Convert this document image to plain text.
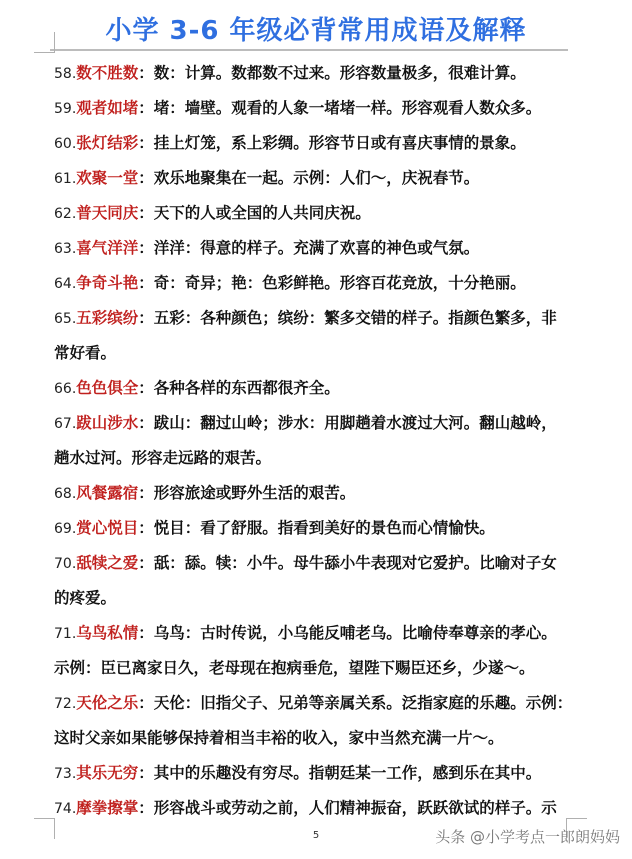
小学 3-6 年级必背常用成语及解释
58.数不胜数：数：计算。数都数不过来。形容数量极多，很难计算。
59.观者如堵：堵：墙壁。观看的人象一堵堵一样。形容观看人数众多。
60.张灯结彩：挂上灯笼，系上彩绸。形容节日或有喜庆事情的景象。
61.欢聚一堂：欢乐地聚集在一起。示例：人们～，庆祝春节。
62.普天同庆：天下的人或全国的人共同庆祝。
63.喜气洋洋：洋洋：得意的样子。充满了欢喜的神色或气氛。
64.争奇斗艳：奇：奇异；艳：色彩鲜艳。形容百花竞放，十分艳丽。
65.五彩缤纷：五彩：各种颜色；缤纷：繁多交错的样子。指颜色繁多，非
常好看。
66.色色俱全：各种各样的东西都很齐全。
67.跋山涉水：跋山：翻过山岭；涉水：用脚趟着水渡过大河。翻山越岭，
趟水过河。形容走远路的艰苦。
68.风餐露宿：形容旅途或野外生活的艰苦。
69.赏心悦目：悦目：看了舒服。指看到美好的景色而心情愉快。
70.舐犊之爱：舐：舔。犊：小牛。母牛舔小牛表现对它爱护。比喻对子女
的疼爱。
71.乌鸟私情：乌鸟：古时传说，小乌能反哺老乌。比喻侍奉尊亲的孝心。
示例：臣已离家日久，老母现在抱病垂危，望陛下赐臣还乡，少遂～。
72.天伦之乐：天伦：旧指父子、兄弟等亲属关系。泛指家庭的乐趣。示例：
这时父亲如果能够保持着相当丰裕的收入，家中当然充满一片～。
73.其乐无穷：其中的乐趣没有穷尽。指朝廷某一工作，感到乐在其中。
74.摩拳擦掌：形容战斗或劳动之前，人们精神振奋，跃跃欲试的样子。示
5	头条 @小学考点一郎朗妈妈
